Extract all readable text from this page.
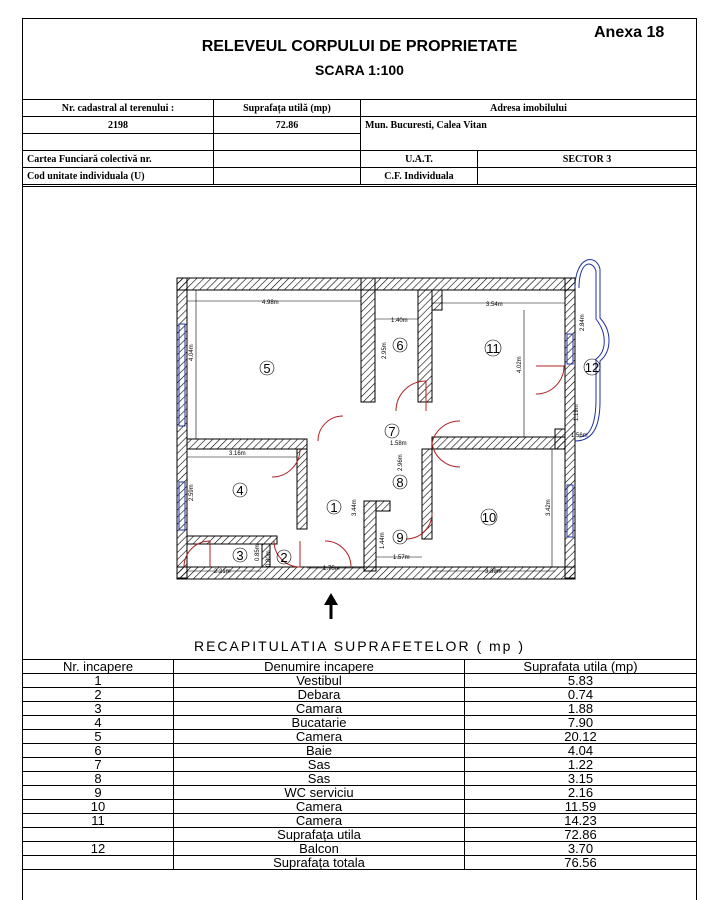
Anexa 18
RELEVEUL CORPULUI DE PROPRIETATE
SCARA 1:100
Nr. cadastral al terenului :	Suprafața utilă (mp)	Adresa imobilului	
2198	72.86	Mun. Bucuresti, Calea Vitan	

Cartea Funciară colectivă nr.		U.A.T.	SECTOR 3
Cod unitate individuala (U)		C.F. Individuala	
4.98m
1.40m
3.54m
4.04m	2.95m
4.02m
2.84m
1.19m
1.56m
3.16m
2.59m
1.58m
2.96m
3.44m	3.42m
0.85m 0.80m
1.44m
1.57m
2.21m	1.75m	3.39m
1
2
3
4
5
6
7
8
9
10
11
12
RECAPITULATIA SUPRAFETELOR ( mp )
Nr. incapere	Denumire incapere	Suprafata utila (mp)
1	Vestibul	5.83
2	Debara	0.74
3	Camara	1.88
4	Bucatarie	7.90
5	Camera	20.12
6	Baie	4.04
7	Sas	1.22
8	Sas	3.15
9	WC serviciu	2.16
10	Camera	11.59
11	Camera	14.23
	Suprafața utila	72.86
12	Balcon	3.70
	Suprafața totala	76.56
